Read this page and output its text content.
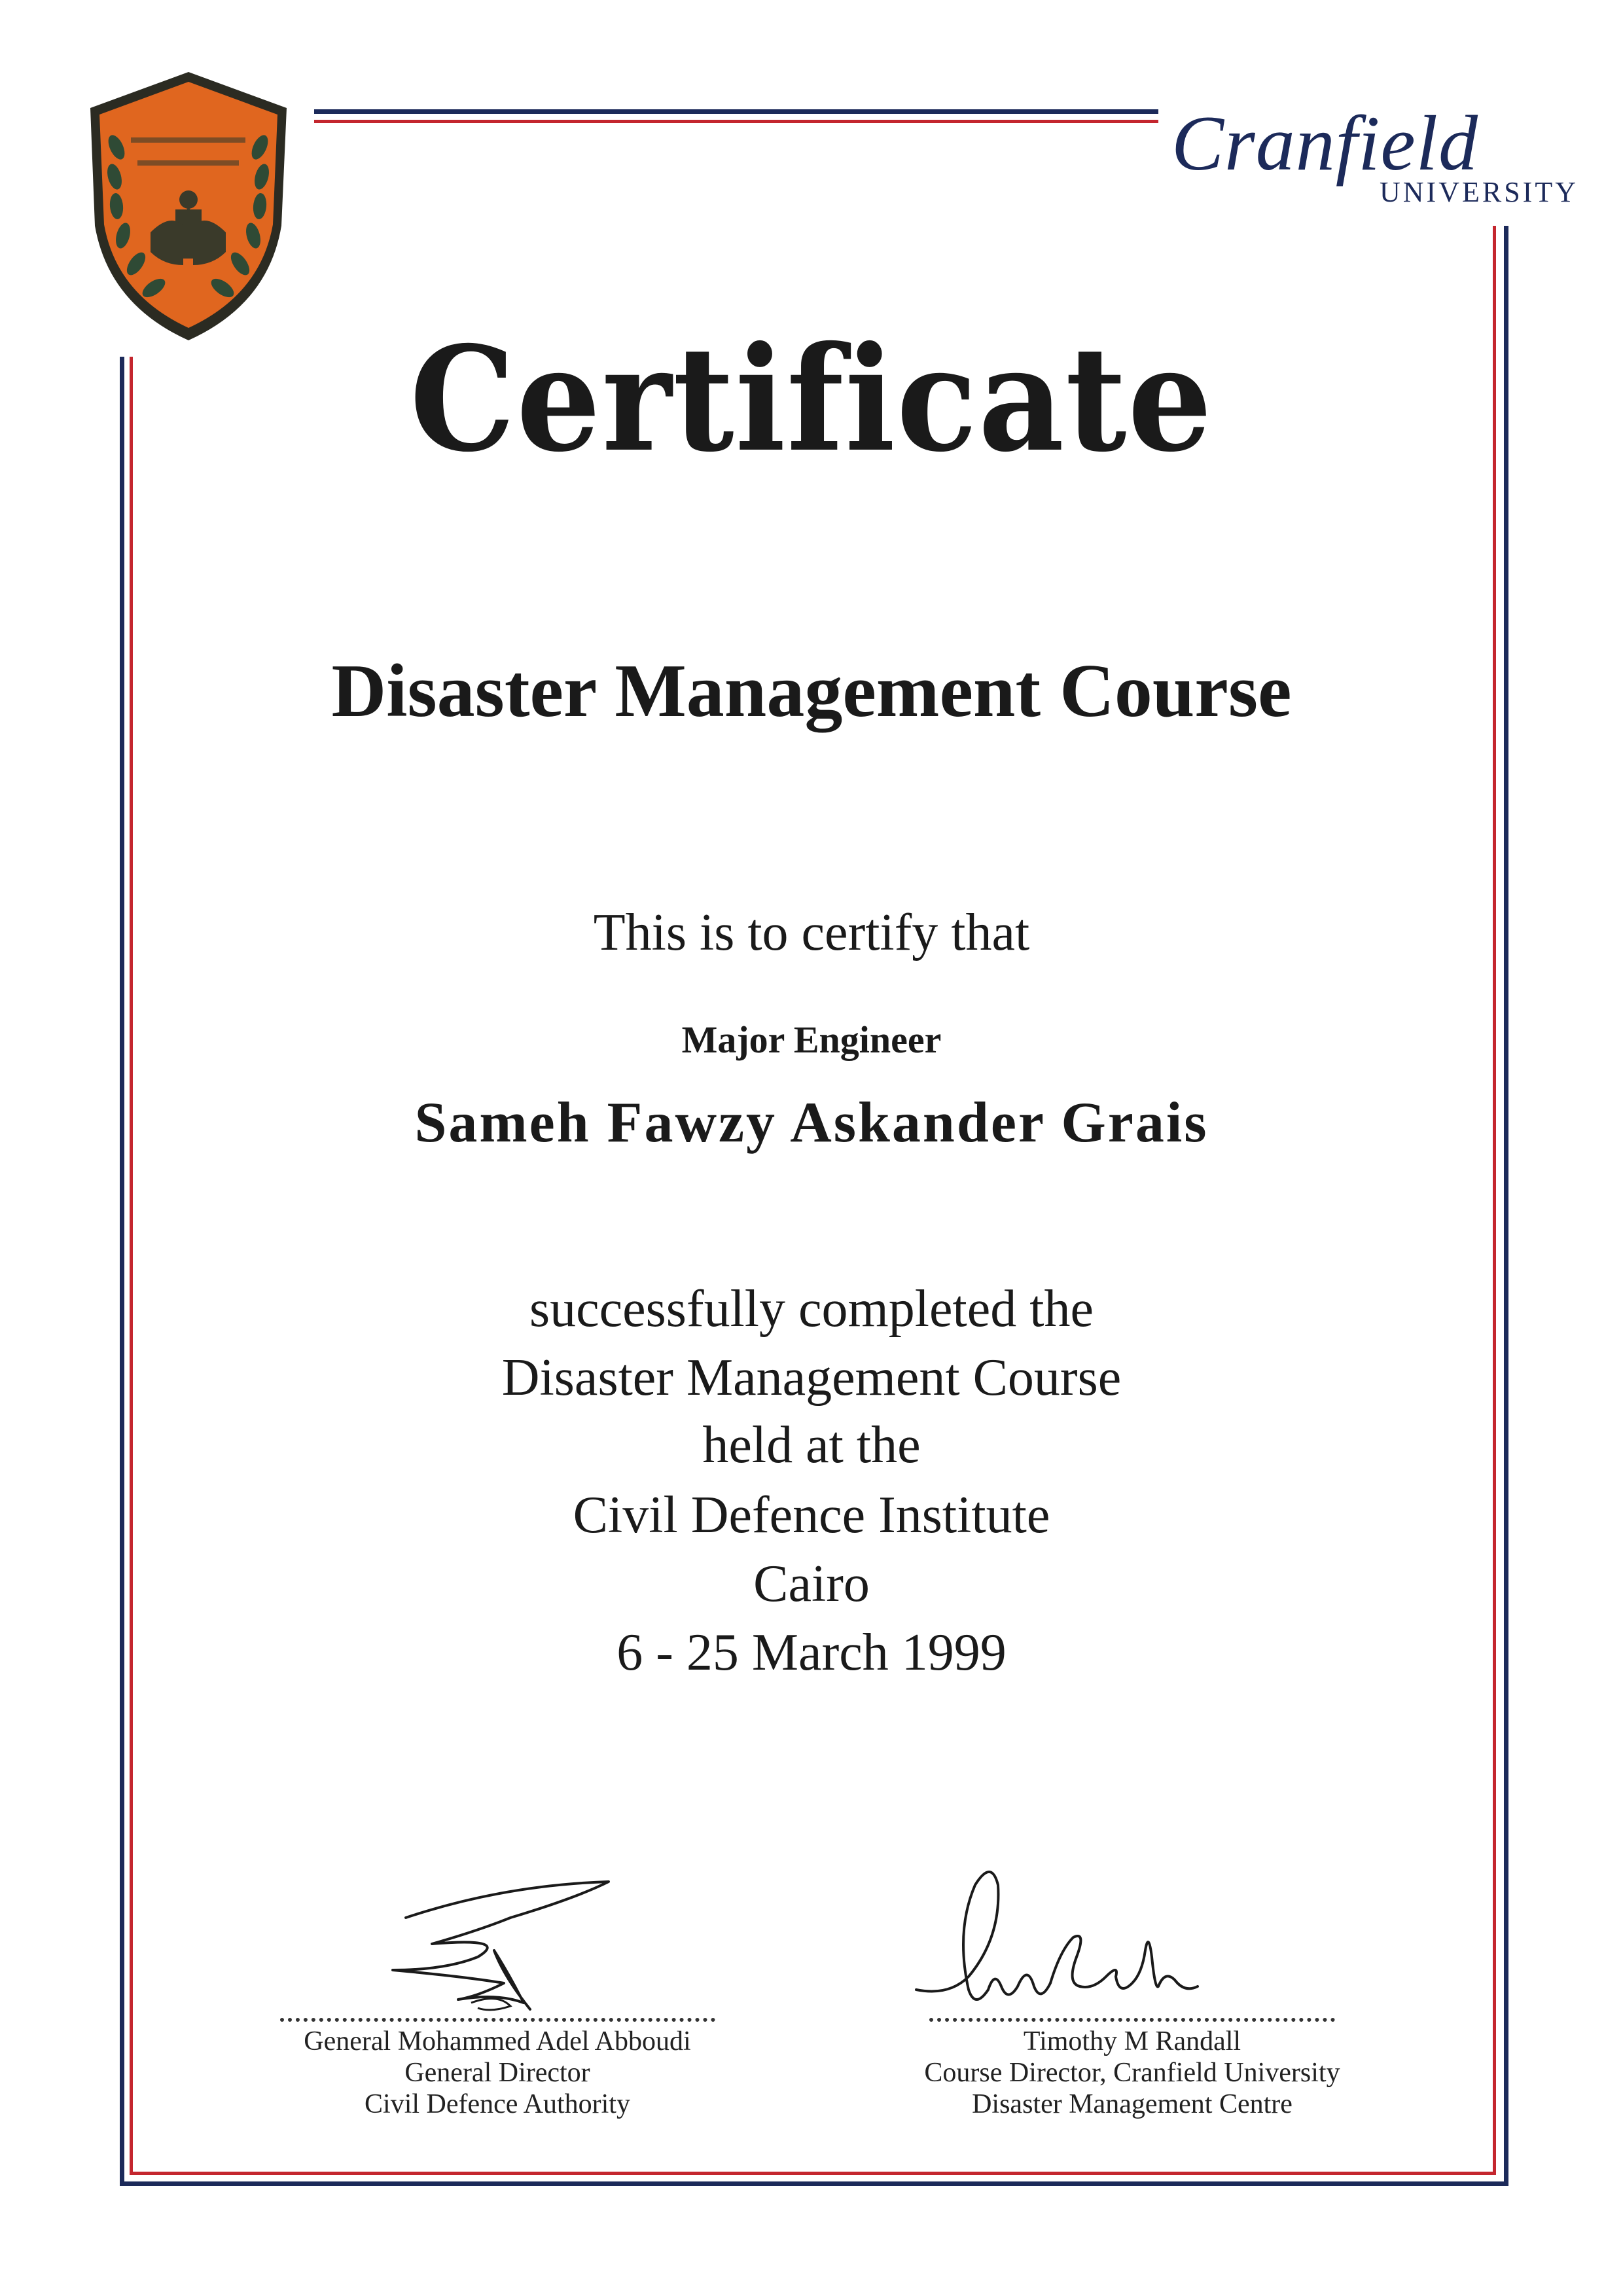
Cranfield
UNIVERSITY
Certificate
Disaster Management Course
This is to certify that
Major Engineer
Sameh Fawzy Askander Grais
successfully completed the
Disaster Management Course
held at the
Civil Defence Institute
Cairo
6 - 25 March 1999
General Mohammed Adel Abboudi
General Director
Civil Defence Authority
Timothy M Randall
Course Director, Cranfield University
Disaster Management Centre
